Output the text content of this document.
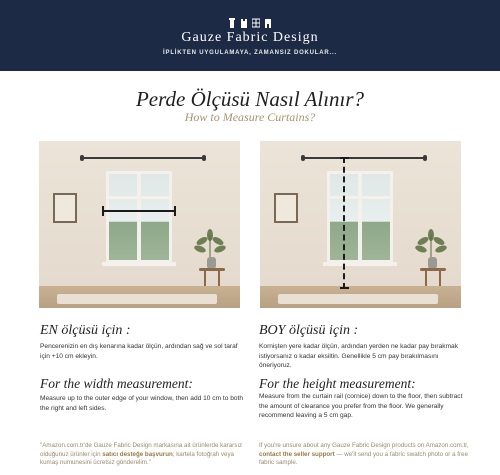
Gauze Fabric Design
İPLİKTEN UYGULAMAYA, ZAMANSIZ DOKULAR...
Perde Ölçüsü Nasıl Alınır?
How to Measure Curtains?
EN ölçüsü için :
Pencerenizin en dış kenarına kadar ölçün, ardından sağ ve sol taraf için +10 cm ekleyin.
BOY ölçüsü için :
Kornişten yere kadar ölçün, ardından yerden ne kadar pay bırakmak istiyorsanız o kadar eksiltin. Genellikle 5 cm pay bırakılmasını öneriyoruz.
For the width measurement:
Measure up to the outer edge of your window, then add 10 cm to both the right and left sides.
For the height measurement:
Measure from the curtain rail (cornice) down to the floor, then subtract the amount of clearance you prefer from the floor. We generally recommend leaving a 5 cm gap.
"Amazon.com.tr'de Gauze Fabric Design markasına ait ürünlerde kararsız olduğunuz ürünler için satıcı desteğe başvurun; kartela fotoğrafı veya kumaş numunesini ücretsiz gönderelim."
If you're unsure about any Gauze Fabric Design products on Amazon.com.tr, contact the seller support — we'll send you a fabric swatch photo or a free fabric sample.
